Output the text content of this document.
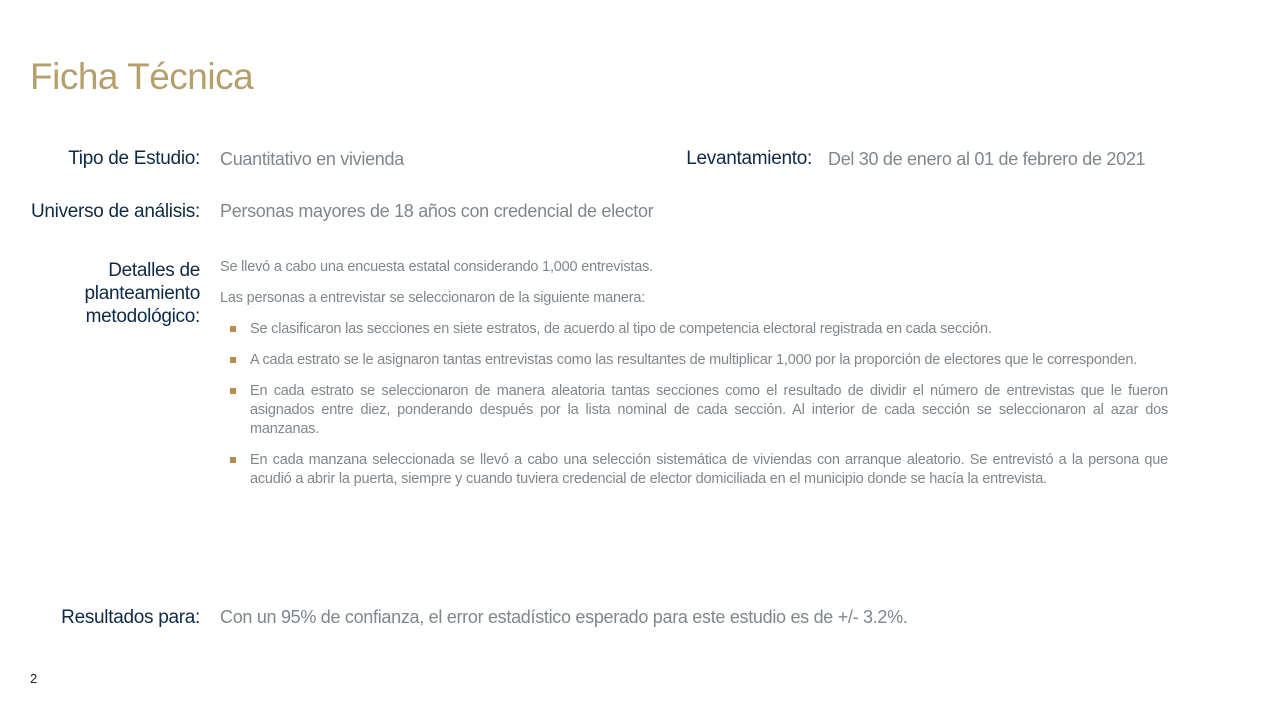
Ficha Técnica
Tipo de Estudio: Cuantitativo en vivienda	Levantamiento: Del 30 de enero al 01 de febrero de 2021
Universo de análisis: Personas mayores de 18 años con credencial de elector
Detalles de planteamiento metodológico:

Se llevó a cabo una encuesta estatal considerando 1,000 entrevistas.

Las personas a entrevistar se seleccionaron de la siguiente manera:

Se clasificaron las secciones en siete estratos, de acuerdo al tipo de competencia electoral registrada en cada sección.
A cada estrato se le asignaron tantas entrevistas como las resultantes de multiplicar 1,000 por la proporción de electores que le corresponden.
En cada estrato se seleccionaron de manera aleatoria tantas secciones como el resultado de dividir el número de entrevistas que le fueron asignados entre diez, ponderando después por la lista nominal de cada sección. Al interior de cada sección se seleccionaron al azar dos manzanas.
En cada manzana seleccionada se llevó a cabo una selección sistemática de viviendas con arranque aleatorio. Se entrevistó a la persona que acudió a abrir la puerta, siempre y cuando tuviera credencial de elector domiciliada en el municipio donde se hacía la entrevista.
Resultados para: Con un 95% de confianza, el error estadístico esperado para este estudio es de +/- 3.2%.
2
